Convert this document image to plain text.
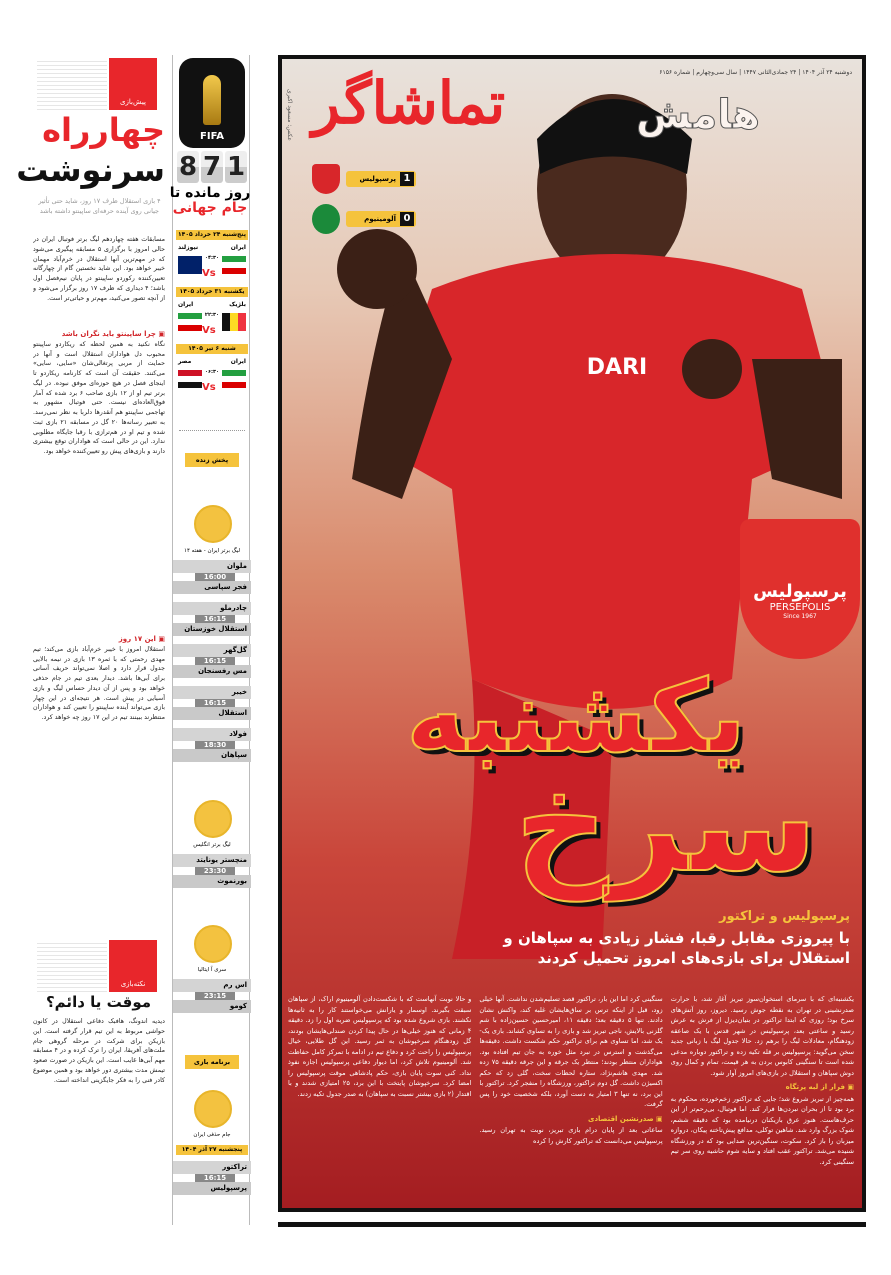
پیش‌بازی
چهارراه
سرنوشت
۴ بازی استقلال ظرف ۱۷ روز، شاید حتی تأثیر جیانی روی آینده حرفه‌ای ساپینتو داشته باشد
مسابقات هفته چهاردهم لیگ برتر فوتبال ایران در حالی امروز با برگزاری ۵ مسابقه پیگیری می‌شود که در مهم‌ترین آنها استقلال در خرم‌آباد مهمان خیبر خواهد بود. این شاید نخستین گام از چهارگانه تعیین‌کننده رکوردو ساپینتو در پایان نیم‌فصل اول باشد؛ ۴ دیداری که ظرف ۱۷ روز برگزار می‌شود و از آنچه تصور می‌کنید، مهم‌تر و حیاتی‌تر است.
▣ چرا ساپینتو باید نگران باشد
نگاه نکنید به همین لحظه که ریکاردو ساپینتو محبوب دل هواداران استقلال است و آنها در حمایت از مربی پرتغالی‌شان «سایی، سایی» می‌کنند. حقیقت آن است که کارنامه ریکاردو تا اینجای فصل در هیچ حوزه‌ای موفق نبوده. در لیگ برتر تیم او از ۱۲ بازی صاحب ۶ برد شده که آمار فوق‌العاده‌ای نیست. حتی فوتبال مشهور به تهاجمی ساپینتو هم آنقدرها دلربا به نظر نمی‌رسد. به تعبیر رسانه‌ها ۲۰ گل در مسابقه ۲۱ بازی ثبت شده و تیم او در هم‌ترازی با رقبا جایگاه مطلوبی ندارد. این در حالی است که هواداران توقع بیشتری دارند و بازی‌های پیش رو تعیین‌کننده خواهد بود.
▣ این ۱۷ روز
استقلال امروز با خیبر خرم‌آباد بازی می‌کند؛ تیم مهدی رحمتی که با ثمره ۱۳ بازی در نیمه بالایی جدول قرار دارد و اصلا نمی‌تواند حریف آسانی برای آبی‌ها باشد. دیدار بعدی تیم در جام حذفی خواهد بود و پس از آن دیدار حساس لیگ و بازی آسیایی در پیش است. هر نتیجه‌ای در این چهار بازی می‌تواند آینده ساپینتو را تعیین کند و هواداران منتظرند ببینند تیم در این ۱۷ روز چه خواهد کرد.
نکته‌بازی
موقت یا دائم؟
دیدیه اندونگ، هافبک دفاعی استقلال در کانون حواشی مربوط به این تیم قرار گرفته است. این بازیکن برای شرکت در مرحله گروهی جام ملت‌های آفریقا، ایران را ترک کرده و در ۴ مسابقه مهم آبی‌ها غایب است. این بازیکن در صورت صعود تیمش مدت بیشتری دور خواهد بود و همین موضوع کادر فنی را به فکر جایگزینی انداخته است.
FIFA
1
7
8
روز مانده تا
جام جهانی
پنج‌شنبه ۲۴ خرداد ۱۴۰۵
ایران
نیوزلند
۰۴:۳۰
Vs
یکشنبه ۳۱ خرداد ۱۴۰۵
بلژیک
ایران
۲۲:۳۰
Vs
شنبه ۶ تیر ۱۴۰۵
ایران
مصر
۰۶:۳۰
Vs
پخش زنده
لیگ برتر ایران - هفته ۱۴
ملوان
16:00
فجر سپاسی
چادرملو
16:15
استقلال خوزستان
گل‌گهر
16:15
مس رفسنجان
خیبر
16:15
استقلال
فولاد
18:30
سپاهان
لیگ برتر انگلیس
منچستر یونایتد
23:30
بورنموث
سری آ ایتالیا
اس رم
23:15
کومو
برنامه بازی
جام حذفی ایران
پنجشنبه ۲۷ آذر ۱۴۰۴
تراکتور
16:15
پرسپولیس
DARI
تماشاگر	دوشنبه ۲۴ آذر ۱۴۰۴ | ۲۴ جمادی‌الثانی ۱۴۴۷ | سال سی‌وچهارم | شماره ۶۱۵۶
هامش
عکس: مسعود اکبری
پرسپولیس 1
آلومینیوم 0
پرسپولیس
PERSEPOLIS
Since 1967
یکشنبه
سرخ
پرسپولیس و تراکتور
با پیروزی مقابل رقبا، فشار زیادی به سپاهان و استقلال برای بازی‌های امروز تحمیل کردند
یکشنبه‌ای که با سرمای استخوان‌سوز تبریز آغاز شد، با حرارت صدرنشینی در تهران به نقطه جوش رسید. دیروز، روز آتش‌های سرخ بود؛ روزی که ابتدا تراکتور در بنیان‌دیزل از فرش به عرش رسید و ساعتی بعد، پرسپولیس در شهر قدس با یک صاعقه زودهنگام، معادلات لیگ را برهم زد. حالا جدول لیگ با زبانی جدید سخن می‌گوید: پرسپولیس بر قله تکیه زده و تراکتور دوباره مدعی شده است تا سنگینی کابوس بردن به هر قیمت، تمام و کمال روی دوش سپاهان و استقلال در بازی‌های امروز آوار شود.
▣ فرار از لبه پرتگاه
همه‌چیز از تبریز شروع شد؛ جایی که تراکتور زخم‌خورده، محکوم به برد بود تا از بحران نبردن‌ها فرار کند. اما فوتبال، بی‌رحم‌تر از این حرف‌هاست. هنوز عرق بازیکنان درنیامده بود که دقیقه ششم، شوک بزرگ وارد شد. شاهین توکلی، مدافع پیش‌تاخته پیکان، دروازه میزبان را باز کرد. سکوت، سنگین‌ترین صدایی بود که در ورزشگاه شنیده می‌شد. تراکتور عقب افتاد و سایه شوم حاشیه روی سر تیم سنگینی کرد.
سنگینی کرد اما این بار، تراکتور قصد تسلیم‌شدن نداشت. آنها خیلی زود، قبل از اینکه ترس بر ساق‌هایشان غلبه کند، واکنش نشان دادند. تنها ۵ دقیقه بعد؛ دقیقه ۱۱، امیرحسین حسین‌زاده با شم گلزنی بالایش، ناجی تبریز شد و بازی را به تساوی کشاند. بازی یک-یک شد، اما تساوی هم برای تراکتور حکم شکست داشت. دقیقه‌ها می‌گذشت و استرس در نبرد مثل خوره به جان تیم افتاده بود. هواداران منتظر بودند؛ منتظر یک جرقه و این جرقه دقیقه ۷۵ زده شد. مهدی هاشم‌نژاد، ستاره لحظات سخت، گلی زد که حکم اکسیژن داشت. گل دوم تراکتور، ورزشگاه را منفجر کرد. تراکتور با این برد، نه تنها ۳ امتیاز به دست آورد، بلکه شخصیت خود را پس گرفت.
▣ صدرنشین اقتصادی
ساعاتی بعد از پایان درام بازی تبریز، نوبت به تهران رسید. پرسپولیس می‌دانست که تراکتور کارش را کرده
و حالا نوبت آنهاست که با شکست‌دادن آلومینیوم اراک، از سپاهان سبقت بگیرند. اوسمار و یارانش می‌خواستند کار را به ثانیه‌ها نکشند. بازی شروع شده بود که پرسپولیس ضربه اول را زد. دقیقه ۴ زمانی که هنوز خیلی‌ها در حال پیدا کردن صندلی‌هایشان بودند، گل زودهنگام سرخپوشان به ثمر رسید. این گل طلایی، خیال پرسپولیس را راحت کرد و دفاع تیم در ادامه با تمرکز کامل حفاظت شد. آلومینیوم تلاش کرد، اما دیوار دفاعی پرسپولیس اجازه نفوذ نداد. کنی سوت پایان بازی، حکم پادشاهی موقت پرسپولیس را امضا کرد. سرخپوشان پایتخت با این برد، ۲۵ امتیازی شدند و با اقتدار (۲ بازی بیشتر نسبت به سپاهان) به صدر جدول تکیه زدند.
